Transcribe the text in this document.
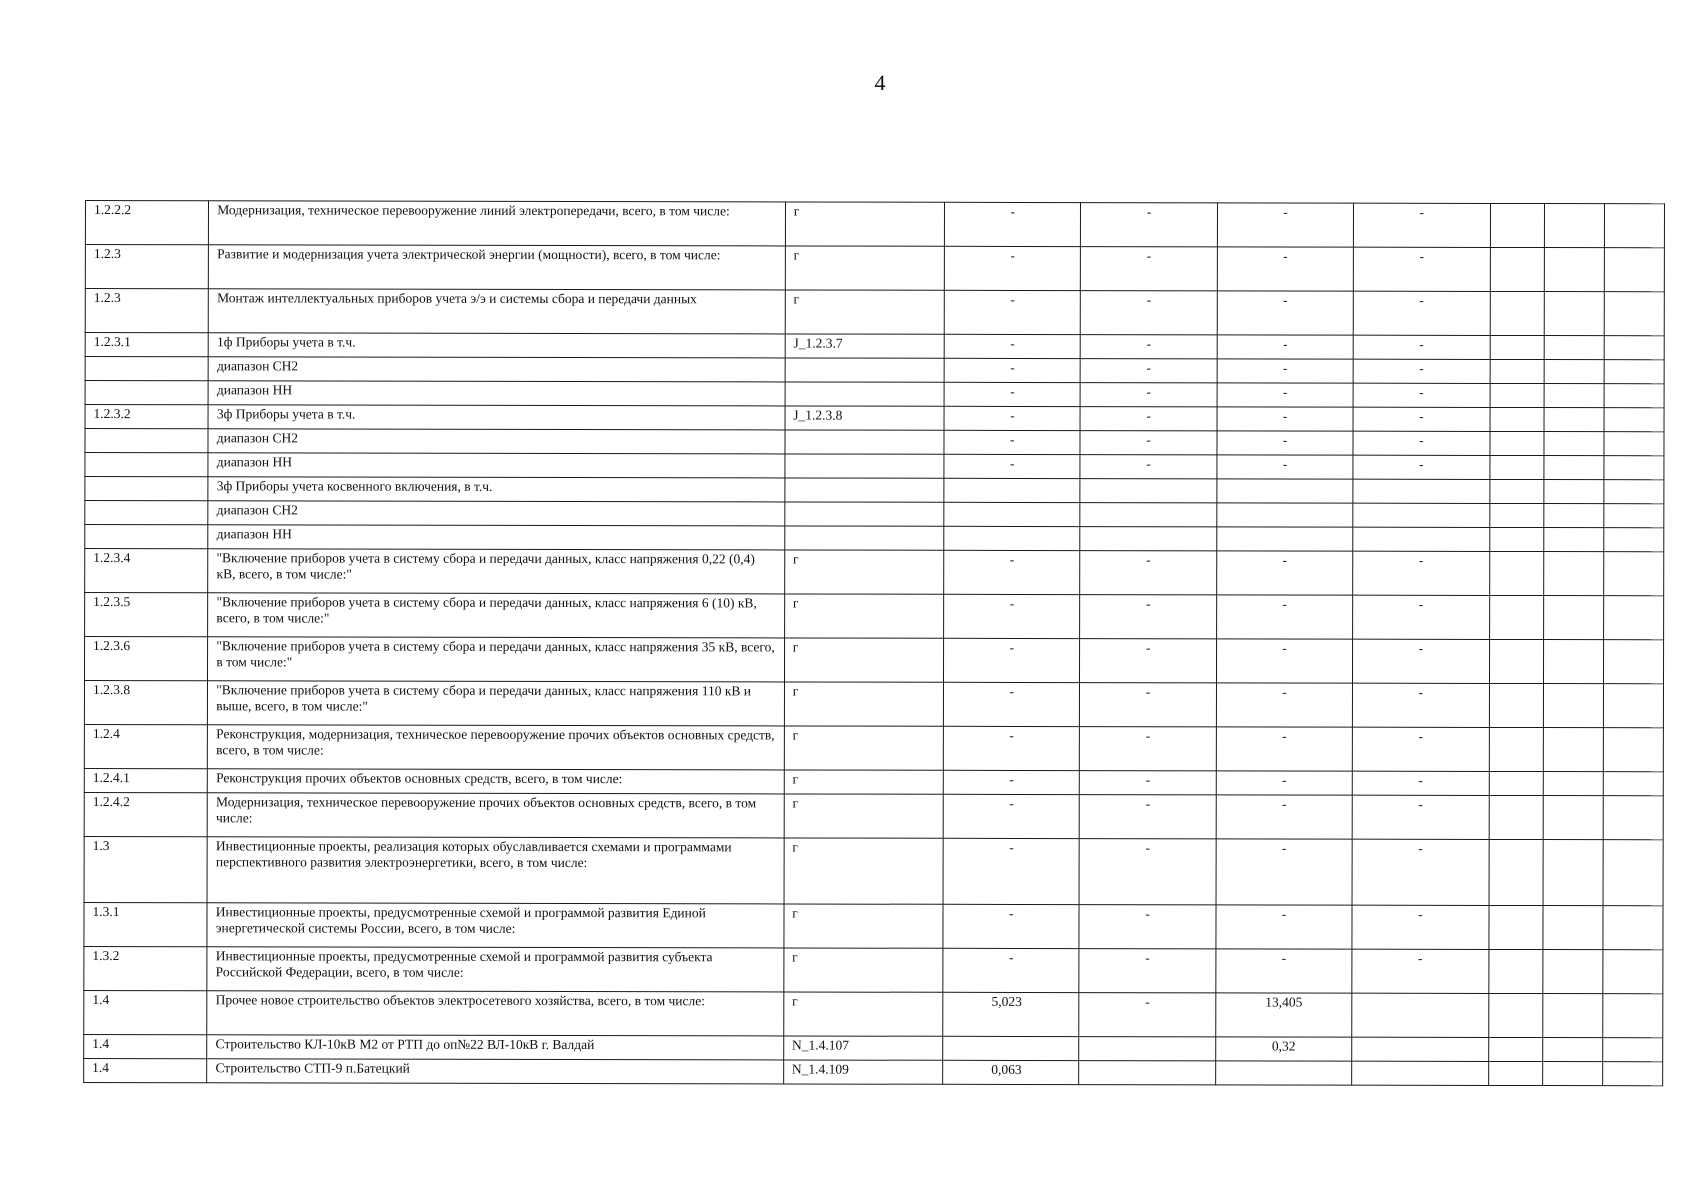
4
1.2.2.2	Модернизация, техническое перевооружение линий электропередачи, всего, в том числе:	г	-	-	-	-			
1.2.3	Развитие и модернизация учета электрической энергии (мощности), всего, в том числе:	г	-	-	-	-			
1.2.3	Монтаж интеллектуальных приборов учета э/э и системы сбора и передачи данных	г	-	-	-	-			
1.2.3.1	1ф Приборы учета в т.ч.	J_1.2.3.7	-	-	-	-			
	диапазон СН2		-	-	-	-			
	диапазон НН		-	-	-	-			
1.2.3.2	3ф Приборы учета в т.ч.	J_1.2.3.8	-	-	-	-			
	диапазон СН2		-	-	-	-			
	диапазон НН		-	-	-	-			
	3ф Приборы учета косвенного включения, в т.ч.								
	диапазон СН2								
	диапазон НН								
1.2.3.4	"Включение приборов учета в систему сбора и передачи данных, класс напряжения 0,22 (0,4) кВ, всего, в том числе:"	г	-	-	-	-			
1.2.3.5	"Включение приборов учета в систему сбора и передачи данных, класс напряжения 6 (10) кВ, всего, в том числе:"	г	-	-	-	-			
1.2.3.6	"Включение приборов учета в систему сбора и передачи данных, класс напряжения 35 кВ, всего, в том числе:"	г	-	-	-	-			
1.2.3.8	"Включение приборов учета в систему сбора и передачи данных, класс напряжения 110 кВ и выше, всего, в том числе:"	г	-	-	-	-			
1.2.4	Реконструкция, модернизация, техническое перевооружение прочих объектов основных средств, всего, в том числе:	г	-	-	-	-			
1.2.4.1	Реконструкция прочих объектов основных средств, всего, в том числе:	г	-	-	-	-			
1.2.4.2	Модернизация, техническое перевооружение прочих объектов основных средств, всего, в том числе:	г	-	-	-	-			
1.3	Инвестиционные проекты, реализация которых обуславливается схемами и программами перспективного развития электроэнергетики, всего, в том числе:	г	-	-	-	-			
1.3.1	Инвестиционные проекты, предусмотренные схемой и программой развития Единой энергетической системы России, всего, в том числе:	г	-	-	-	-			
1.3.2	Инвестиционные проекты, предусмотренные схемой и программой развития субъекта Российской Федерации, всего, в том числе:	г	-	-	-	-			
1.4	Прочее новое строительство объектов электросетевого хозяйства, всего, в том числе:	г	5,023	-	13,405				
1.4	Строительство КЛ-10кВ М2 от РТП до оп№22 ВЛ-10кВ г. Валдай	N_1.4.107			0,32				
1.4	Строительство СТП-9 п.Батецкий	N_1.4.109	0,063						
